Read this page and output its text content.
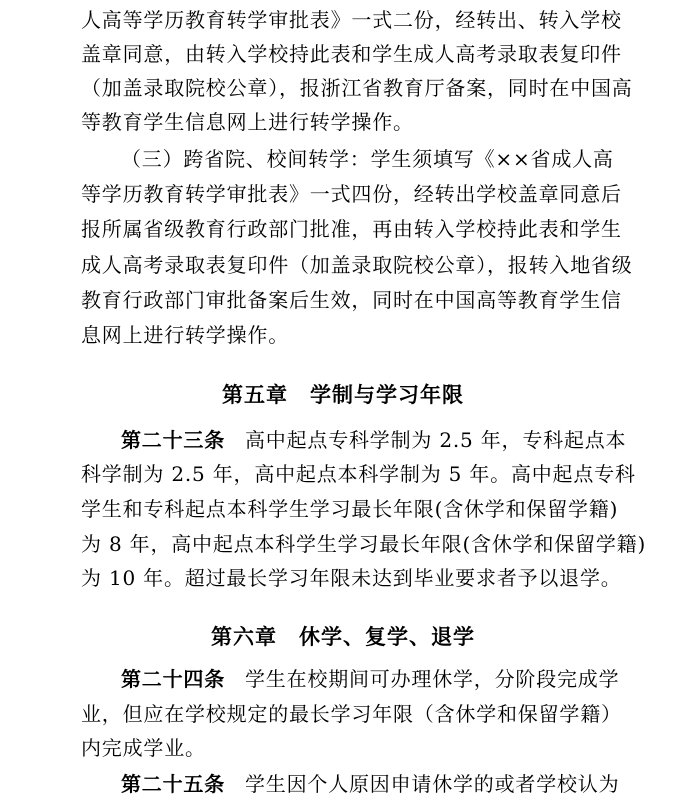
人高等学历教育转学审批表》一式二份，经转出、转入学校
盖章同意，由转入学校持此表和学生成人高考录取表复印件
（加盖录取院校公章），报浙江省教育厅备案，同时在中国高
等教育学生信息网上进行转学操作。
（三）跨省院、校间转学：学生须填写《××省成人高
等学历教育转学审批表》一式四份，经转出学校盖章同意后
报所属省级教育行政部门批准，再由转入学校持此表和学生
成人高考录取表复印件（加盖录取院校公章），报转入地省级
教育行政部门审批备案后生效，同时在中国高等教育学生信
息网上进行转学操作。
第五章　学制与学习年限
第二十三条 高中起点专科学制为 2.5 年，专科起点本
科学制为 2.5 年，高中起点本科学制为 5 年。高中起点专科
学生和专科起点本科学生学习最长年限(含休学和保留学籍)
为 8 年，高中起点本科学生学习最长年限(含休学和保留学籍)
为 10 年。超过最长学习年限未达到毕业要求者予以退学。
第六章　休学、复学、退学
第二十四条 学生在校期间可办理休学，分阶段完成学
业，但应在学校规定的最长学习年限（含休学和保留学籍）
内完成学业。
第二十五条 学生因个人原因申请休学的或者学校认为
